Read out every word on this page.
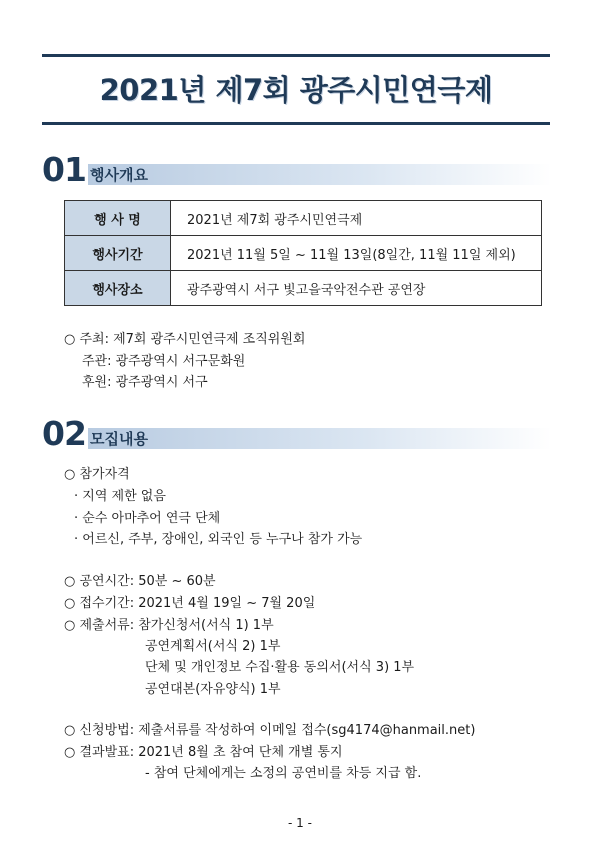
2021년 제7회 광주시민연극제
01 행사개요
행 사 명	2021년 제7회 광주시민연극제
행사기간	2021년 11월 5일 ~ 11월 13일(8일간, 11월 11일 제외)
행사장소	광주광역시 서구 빛고을국악전수관 공연장
○ 주최: 제7회 광주시민연극제 조직위원회
주관: 광주광역시 서구문화원
후원: 광주광역시 서구
02 모집내용
○ 참가자격
· 지역 제한 없음
· 순수 아마추어 연극 단체
· 어르신, 주부, 장애인, 외국인 등 누구나 참가 가능
○ 공연시간: 50분 ~ 60분
○ 접수기간: 2021년 4월 19일 ~ 7월 20일
○ 제출서류: 참가신청서(서식 1) 1부
공연계획서(서식 2) 1부
단체 및 개인정보 수집·활용 동의서(서식 3) 1부
공연대본(자유양식) 1부
○ 신청방법: 제출서류를 작성하여 이메일 접수(sg4174@hanmail.net)
○ 결과발표: 2021년 8월 초 참여 단체 개별 통지
- 참여 단체에게는 소정의 공연비를 차등 지급 함.
- 1 -
